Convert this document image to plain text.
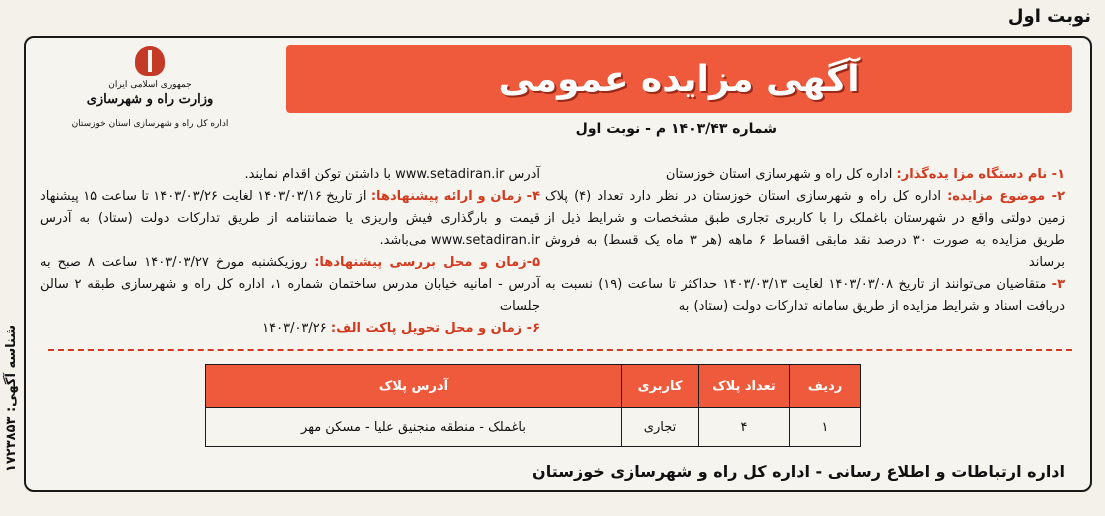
نوبت اول
آگهی مزایده عمومی
جمهوری اسلامی ایران
وزارت راه و شهرسازی
اداره کل راه و شهرسازی استان خوزستان	شماره ۱۴۰۳/۴۳ م - نوبت اول

۱- نام دستگاه مزا یده‌گذار: اداره کل راه و شهرسازی استان خوزستان

۲- موضوع مزایده: اداره کل راه و شهرسازی استان خوزستان در نظر دارد تعداد (۴) پلاک زمین دولتی واقع در شهرستان باغملک را با کاربری تجاری طبق مشخصات و شرایط ذیل از طریق مزایده به صورت ۳۰ درصد نقد مابقی اقساط ۶ ماهه (هر ۳ ماه یک قسط) به فروش برساند

۳- متقاضیان می‌توانند از تاریخ ۱۴۰۳/۰۳/۰۸ لغایت ۱۴۰۳/۰۳/۱۳ حداکثر تا ساعت (۱۹) نسبت به دریافت اسناد و شرایط مزایده از طریق سامانه تدارکات دولت (ستاد) به

آدرس www.setadiran.ir با داشتن توکن اقدام نمایند.

۴- زمان و ارائه پیشنهادها: از تاریخ ۱۴۰۳/۰۳/۱۶ لغایت ۱۴۰۳/۰۳/۲۶ تا ساعت ۱۵ پیشنهاد قیمت و بارگذاری فیش واریزی یا ضمانتنامه از طریق تدارکات دولت (ستاد) به آدرس www.setadiran.ir می‌باشد.

۵-زمان و محل بررسی پیشنهادها: روزیکشنبه مورخ ۱۴۰۳/۰۳/۲۷ ساعت ۸ صبح به آدرس - امانیه خیابان مدرس ساختمان شماره ۱، اداره کل راه و شهرسازی طبقه ۲ سالن جلسات

۶- زمان و محل تحویل پاکت الف: ۱۴۰۳/۰۳/۲۶

ردیف	تعداد پلاک	کاربری	آدرس پلاک
۱	۴	تجاری	باغملک - منطقه منجنیق علیا - مسکن مهر
اداره ارتباطات و اطلاع رسانی - اداره کل راه و شهرسازی خوزستان
شناسه آگهی: ۱۷۲۳۸۵۳
